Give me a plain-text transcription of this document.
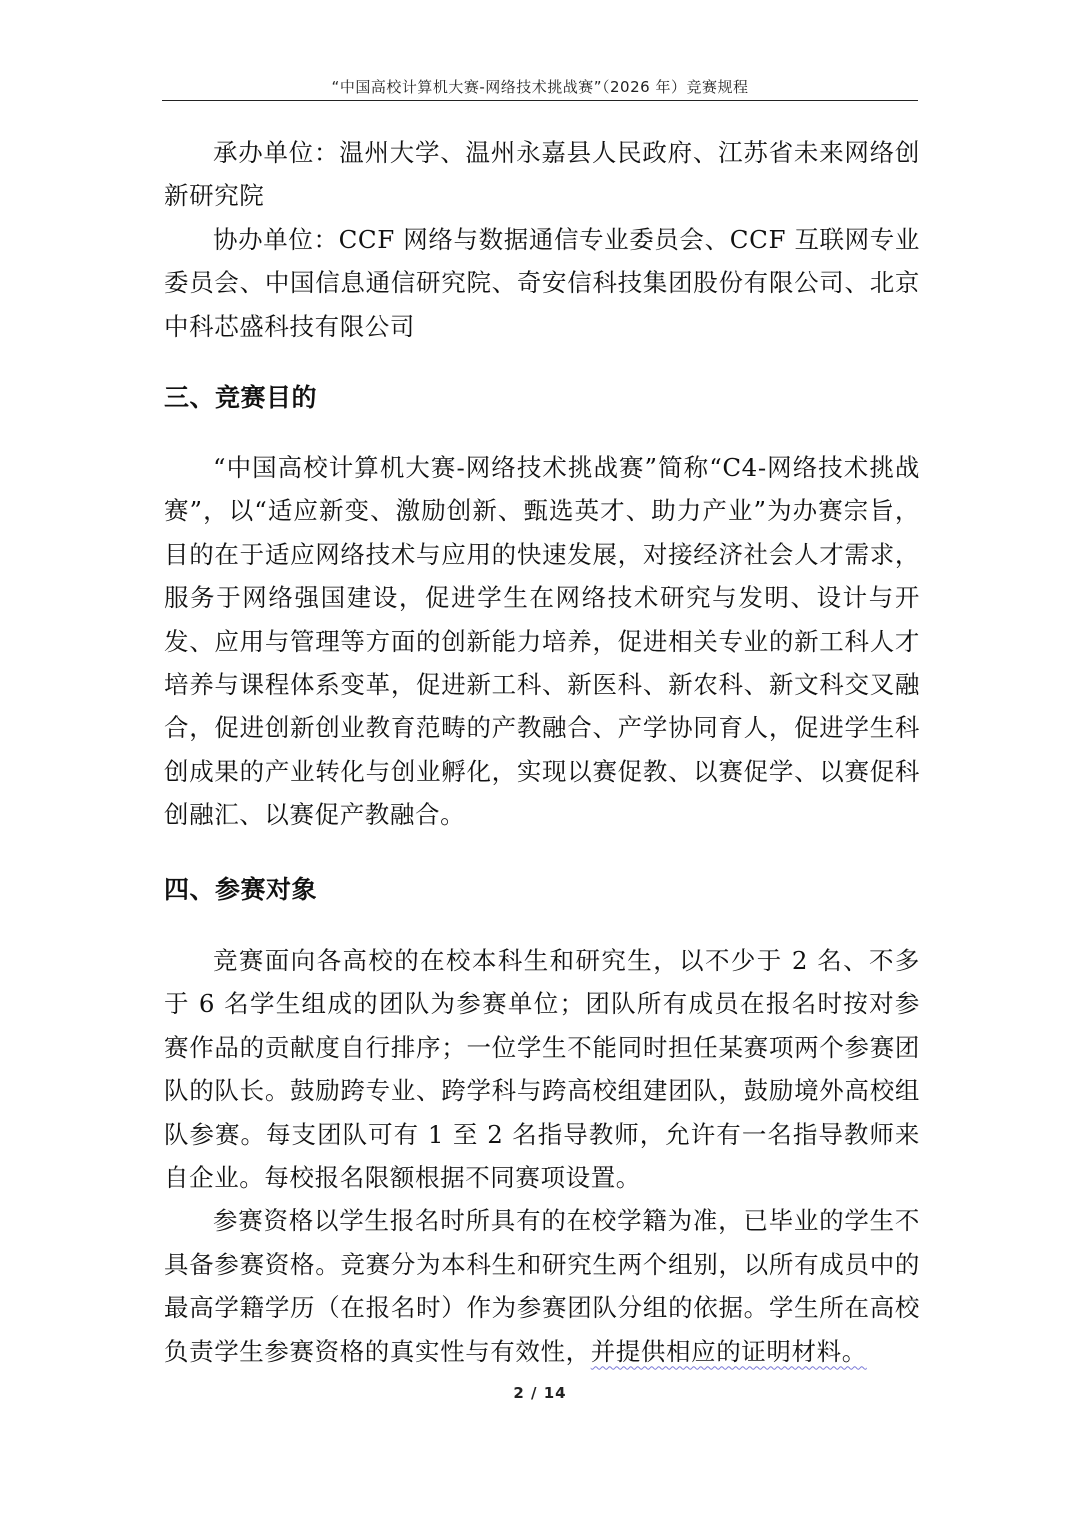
“中国高校计算机大赛-网络技术挑战赛”（2026 年）竞赛规程

承办单位：温州大学、温州永嘉县人民政府、江苏省未来网络创新研究院

协办单位：CCF 网络与数据通信专业委员会、CCF 互联网专业委员会、中国信息通信研究院、奇安信科技集团股份有限公司、北京中科芯盛科技有限公司

三、竞赛目的

“中国高校计算机大赛-网络技术挑战赛”简称“C4-网络技术挑战赛”，以“适应新变、激励创新、甄选英才、助力产业”为办赛宗旨，目的在于适应网络技术与应用的快速发展，对接经济社会人才需求，服务于网络强国建设，促进学生在网络技术研究与发明、设计与开发、应用与管理等方面的创新能力培养，促进相关专业的新工科人才培养与课程体系变革，促进新工科、新医科、新农科、新文科交叉融合，促进创新创业教育范畴的产教融合、产学协同育人，促进学生科创成果的产业转化与创业孵化，实现以赛促教、以赛促学、以赛促科创融汇、以赛促产教融合。

四、参赛对象

竞赛面向各高校的在校本科生和研究生，以不少于 2 名、不多于 6 名学生组成的团队为参赛单位；团队所有成员在报名时按对参赛作品的贡献度自行排序；一位学生不能同时担任某赛项两个参赛团队的队长。鼓励跨专业、跨学科与跨高校组建团队，鼓励境外高校组队参赛。每支团队可有 1 至 2 名指导教师，允许有一名指导教师来自企业。每校报名限额根据不同赛项设置。

参赛资格以学生报名时所具有的在校学籍为准，已毕业的学生不具备参赛资格。竞赛分为本科生和研究生两个组别，以所有成员中的最高学籍学历（在报名时）作为参赛团队分组的依据。学生所在高校负责学生参赛资格的真实性与有效性，并提供相应的证明材料。

2 / 14
